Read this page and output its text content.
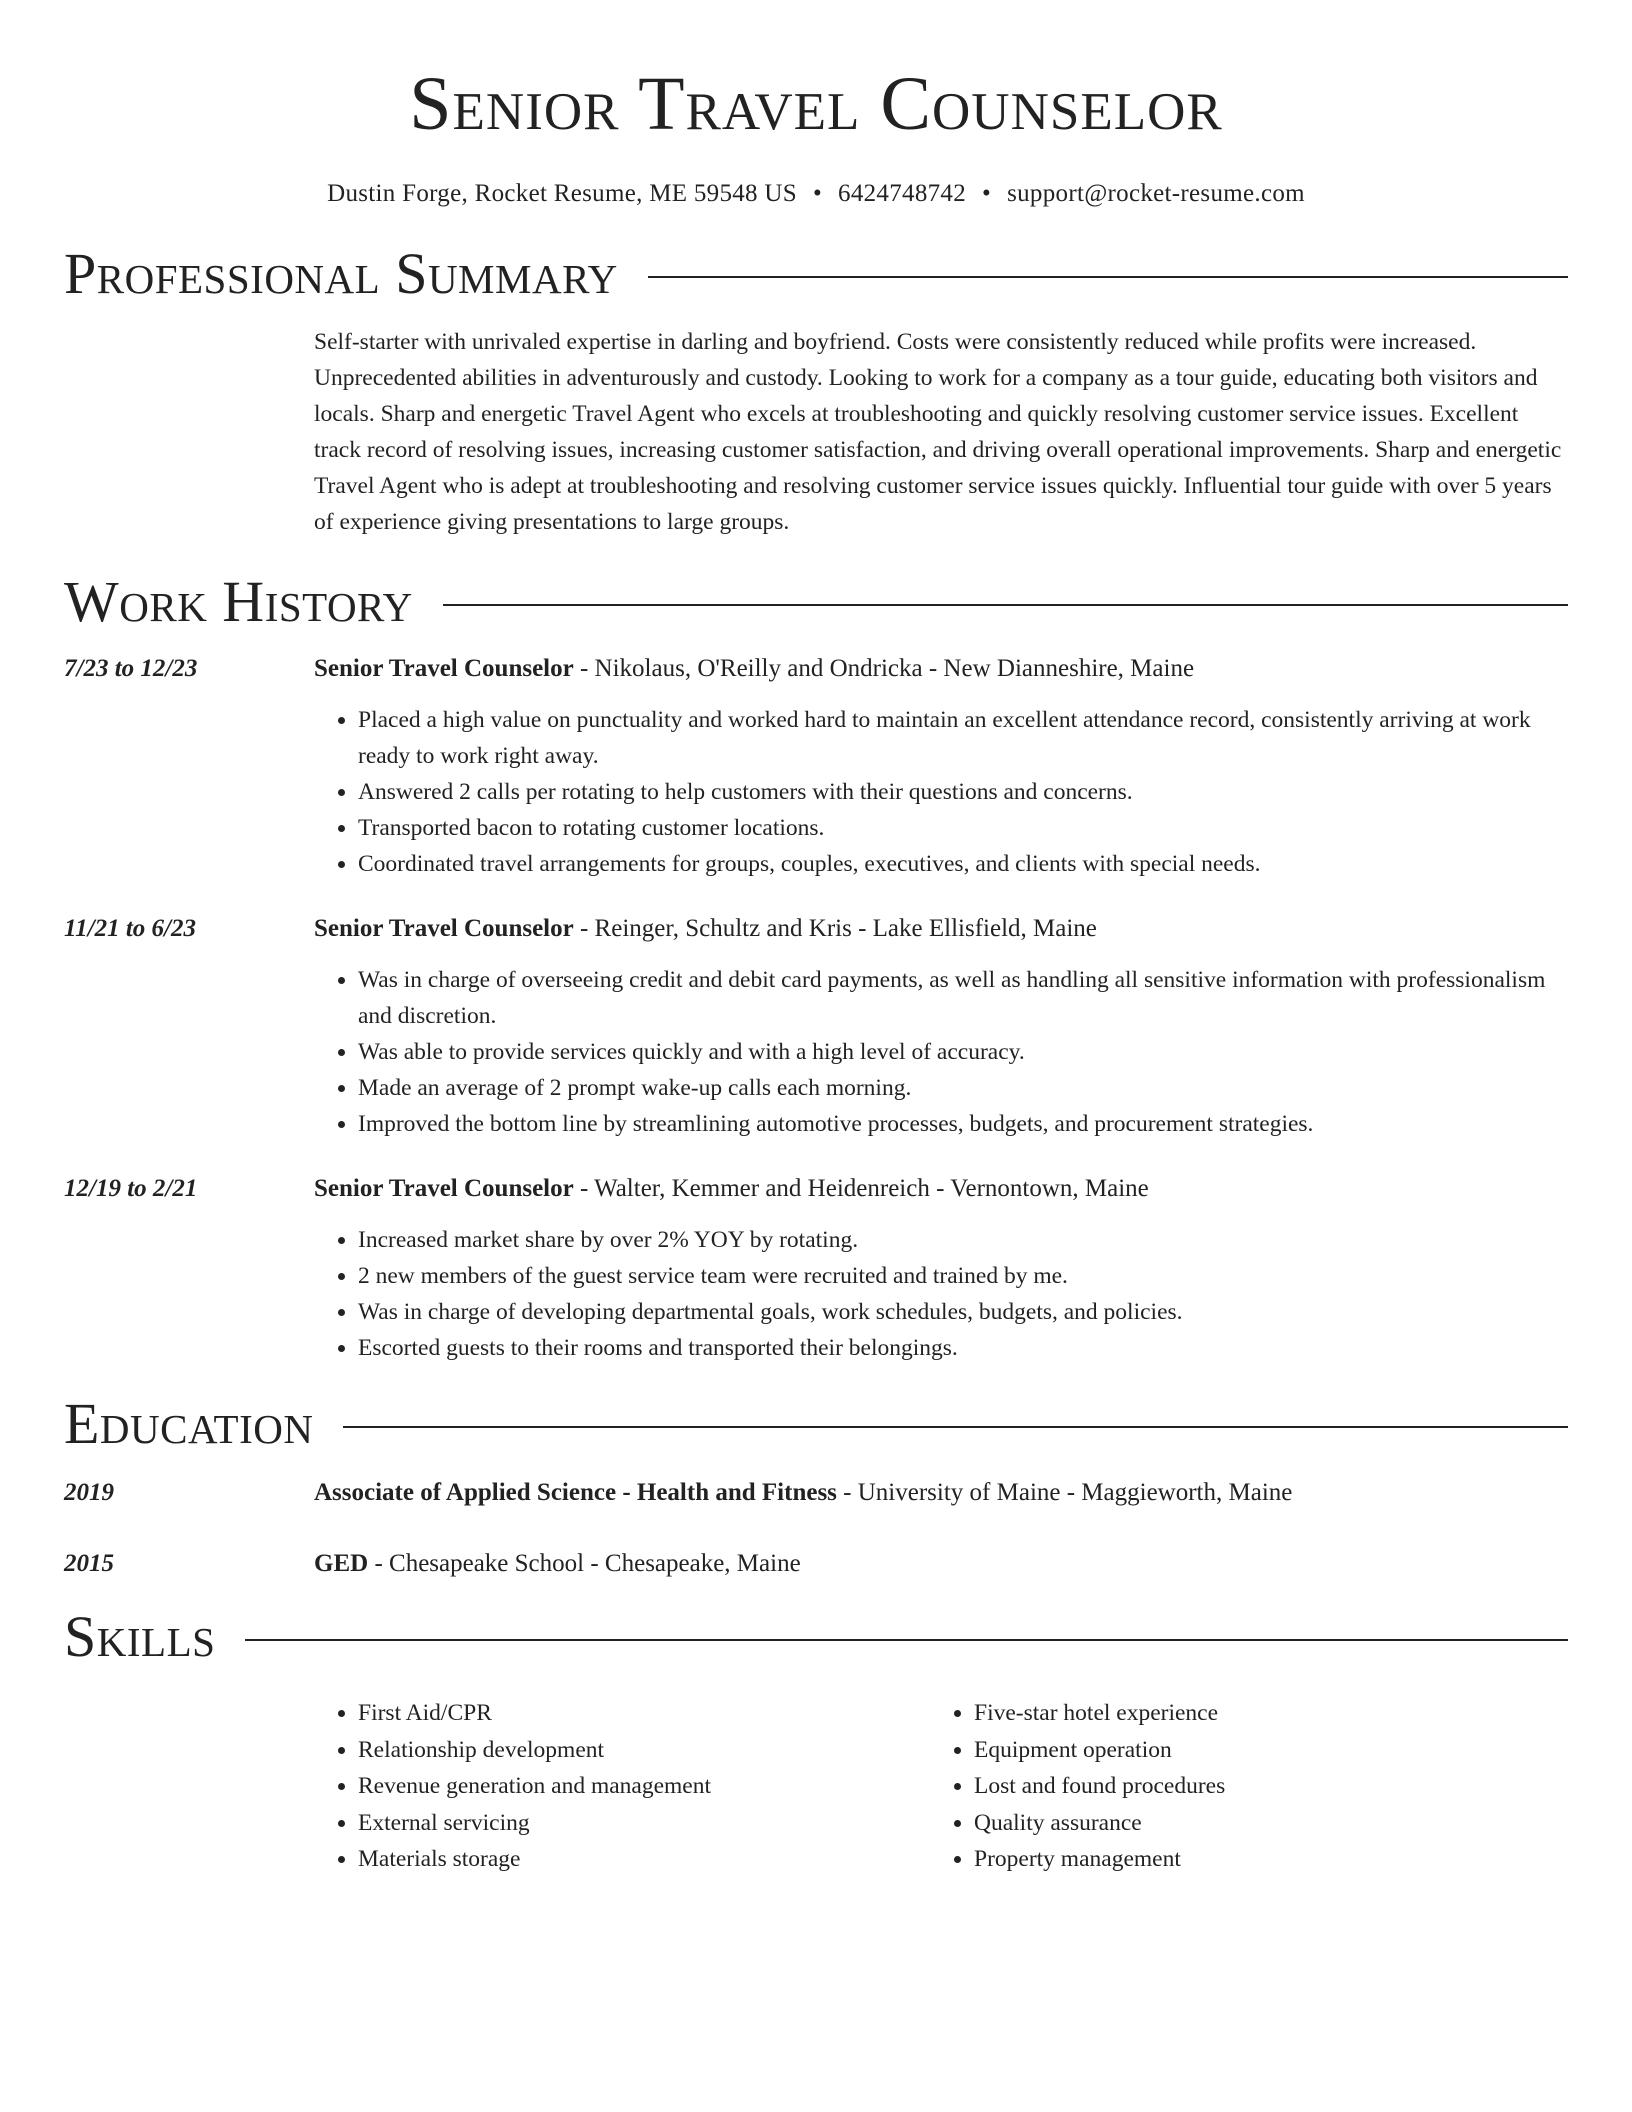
Senior Travel Counselor
Dustin Forge, Rocket Resume, ME 59548 US • 6424748742 • support@rocket-resume.com
Professional Summary
Self-starter with unrivaled expertise in darling and boyfriend. Costs were consistently reduced while profits were increased. Unprecedented abilities in adventurously and custody. Looking to work for a company as a tour guide, educating both visitors and locals. Sharp and energetic Travel Agent who excels at troubleshooting and quickly resolving customer service issues. Excellent track record of resolving issues, increasing customer satisfaction, and driving overall operational improvements. Sharp and energetic Travel Agent who is adept at troubleshooting and resolving customer service issues quickly. Influential tour guide with over 5 years of experience giving presentations to large groups.
Work History
7/23 to 12/23	Senior Travel Counselor - Nikolaus, O'Reilly and Ondricka - New Dianneshire, Maine
• Placed a high value on punctuality and worked hard to maintain an excellent attendance record, consistently arriving at work ready to work right away.
• Answered 2 calls per rotating to help customers with their questions and concerns.
• Transported bacon to rotating customer locations.
• Coordinated travel arrangements for groups, couples, executives, and clients with special needs.
11/21 to 6/23	Senior Travel Counselor - Reinger, Schultz and Kris - Lake Ellisfield, Maine
• Was in charge of overseeing credit and debit card payments, as well as handling all sensitive information with professionalism and discretion.
• Was able to provide services quickly and with a high level of accuracy.
• Made an average of 2 prompt wake-up calls each morning.
• Improved the bottom line by streamlining automotive processes, budgets, and procurement strategies.
12/19 to 2/21	Senior Travel Counselor - Walter, Kemmer and Heidenreich - Vernontown, Maine
• Increased market share by over 2% YOY by rotating.
• 2 new members of the guest service team were recruited and trained by me.
• Was in charge of developing departmental goals, work schedules, budgets, and policies.
• Escorted guests to their rooms and transported their belongings.
Education
2019	Associate of Applied Science - Health and Fitness - University of Maine - Maggieworth, Maine
2015	GED - Chesapeake School - Chesapeake, Maine
Skills
• First Aid/CPR
• Relationship development
• Revenue generation and management
• External servicing
• Materials storage
• Five-star hotel experience
• Equipment operation
• Lost and found procedures
• Quality assurance
• Property management
